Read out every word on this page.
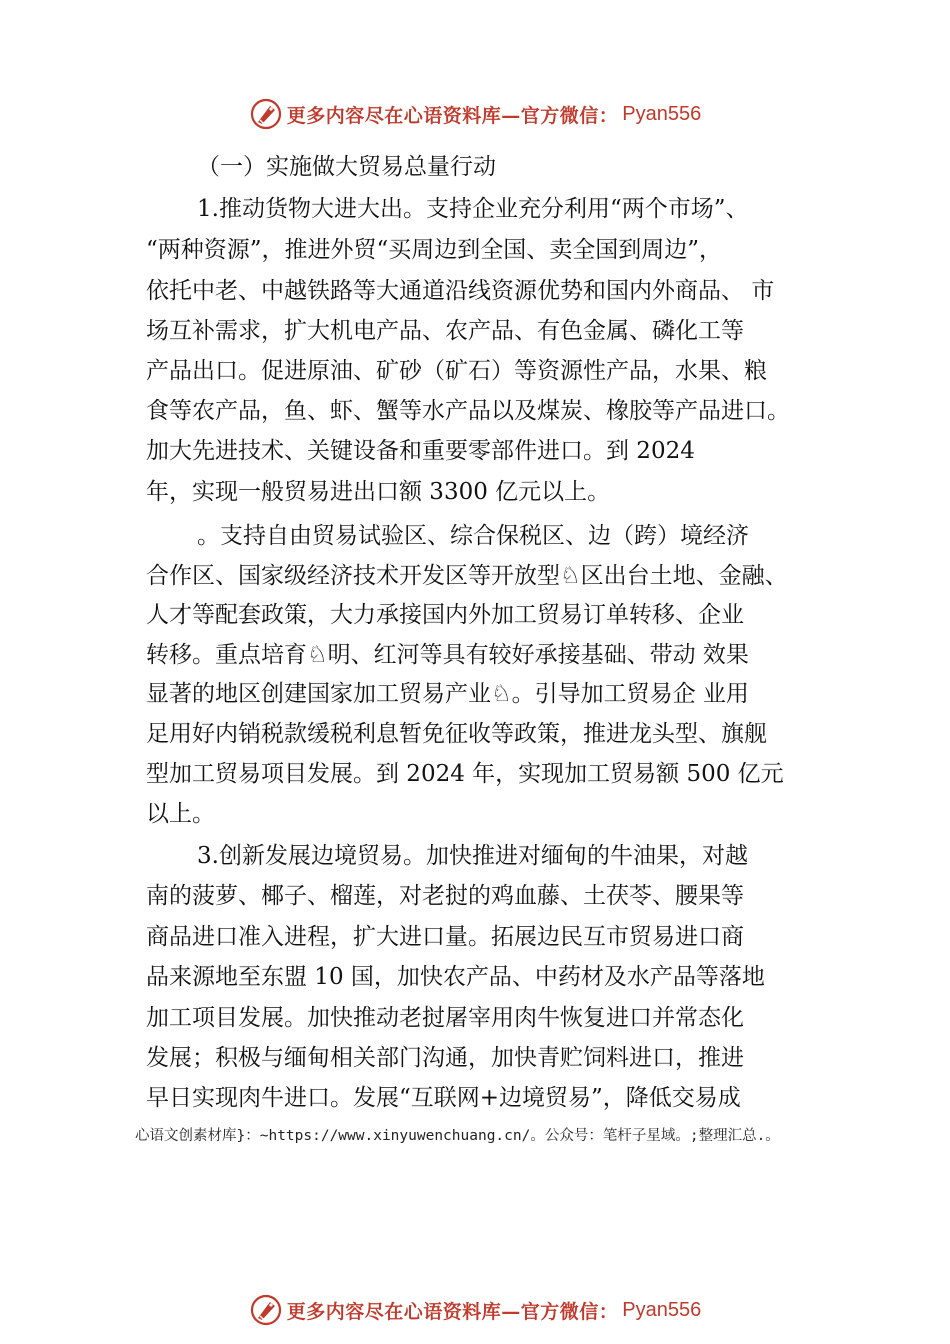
更多内容尽在心语资料库—官方微信： Pyan556
（一）实施做大贸易总量行动
1.推动货物大进大出。支持企业充分利用“两个市场”、
“两种资源”，推进外贸“买周边到全国、卖全国到周边”，
依托中老、中越铁路等大通道沿线资源优势和国内外商品、 市
场互补需求，扩大机电产品、农产品、有色金属、磷化工等
产品出口。促进原油、矿砂（矿石）等资源性产品，水果、粮
食等农产品，鱼、虾、蟹等水产品以及煤炭、橡胶等产品进口。
加大先进技术、关键设备和重要零部件进口。到 2024
年，实现一般贸易进出口额 3300 亿元以上。
。支持自由贸易试验区、综合保税区、边（跨）境经济
合作区、国家级经济技术开发区等开放型♘区出台土地、金融、
人才等配套政策，大力承接国内外加工贸易订单转移、企业
转移。重点培育♘明、红河等具有较好承接基础、带动 效果
显著的地区创建国家加工贸易产业♘。引导加工贸易企 业用
足用好内销税款缓税利息暂免征收等政策，推进龙头型、旗舰
型加工贸易项目发展。到 2024 年，实现加工贸易额 500 亿元
以上。
3.创新发展边境贸易。加快推进对缅甸的牛油果，对越
南的菠萝、椰子、榴莲，对老挝的鸡血藤、土茯苓、腰果等
商品进口准入进程，扩大进口量。拓展边民互市贸易进口商
品来源地至东盟 10 国，加快农产品、中药材及水产品等落地
加工项目发展。加快推动老挝屠宰用肉牛恢复进口并常态化
发展；积极与缅甸相关部门沟通，加快青贮饲料进口，推进
早日实现肉牛进口。发展“互联网+边境贸易”，降低交易成
心语文创素材库}：~https://www.xinyuwenchuang.cn/。公众号：笔杆子星域。;整理汇总.。
更多内容尽在心语资料库—官方微信： Pyan556
